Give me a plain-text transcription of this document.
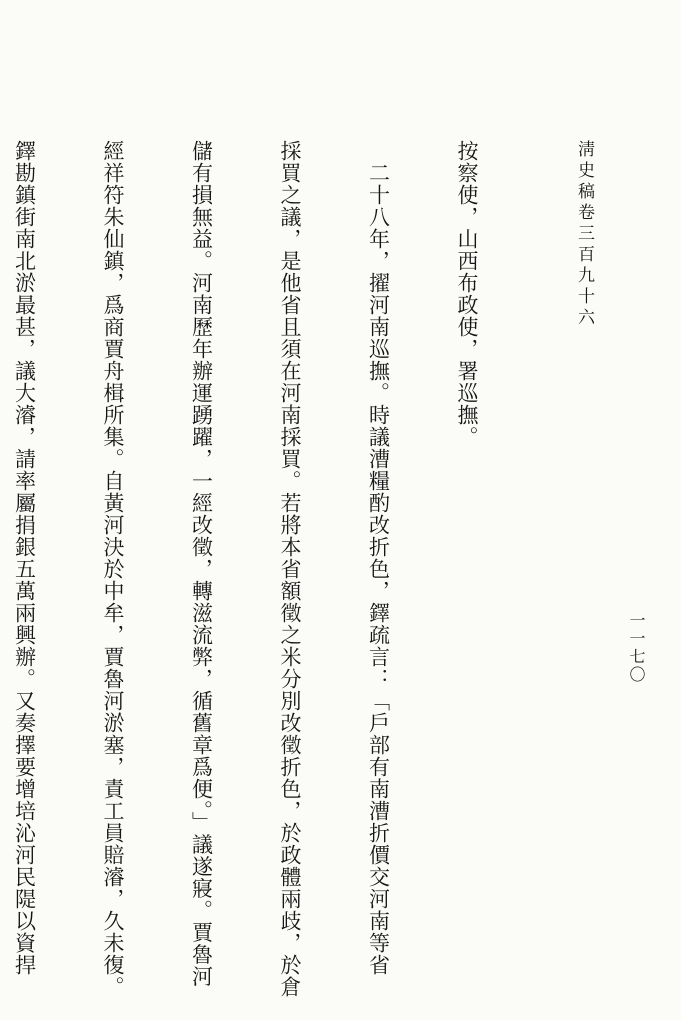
淸史稿卷三百九十六
一一七〇

按察使，山西布政使，署巡撫。

　二十八年，擢河南巡撫。時議漕糧酌改折色，鐸疏言：「戶部有南漕折價交河南等省

採買之議，是他省且須在河南採買。若將本省額徵之米分別改徵折色，於政體兩歧，於倉

儲有損無益。河南歷年辦運踴躍，一經改徵，轉滋流弊，循舊章爲便。」議遂寢。賈魯河

經祥符朱仙鎮，爲商賈舟楫所集。自黃河決於中牟，賈魯河淤塞，責工員賠濬，久未復。

鐸勘鎮街南北淤最甚，議大濬，請率屬捐銀五萬兩興辦。又奏擇要增培沁河民隄以資捍
